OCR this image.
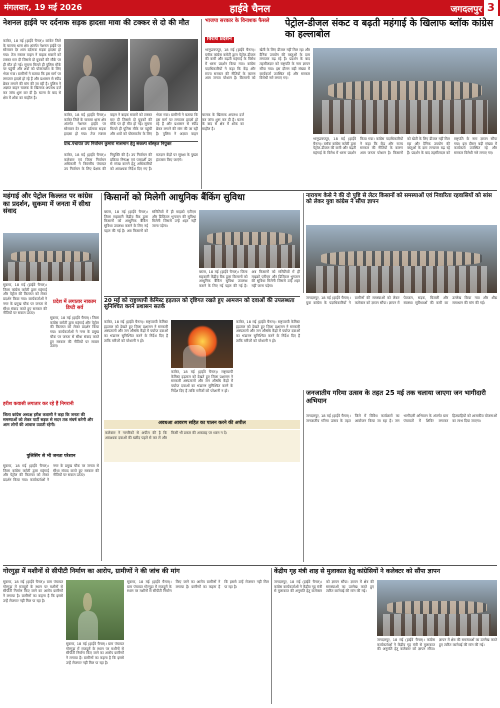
मंगलवार, 19 मई 2026	हाईवे चैनल	जगदलपुर 3
नेशनल हाईवे पर दर्दनाक सड़क हादसा मावा की टक्कर से दो की मौत
कांकेर, 18 मई (हाईवे चैनल)। कांकेर जिले के चारामा थाना क्षेत्र अंतर्गत नेशनल हाईवे पर सोमवार देर शाम दर्दनाक सड़क हादसा हो गया। तेज रफ्तार वाहन ने बाइक सवारों को टक्कर मार दी जिससे दो युवकों की मौके पर ही मौत हो गई। सूचना मिलते ही पुलिस मौके पर पहुंची और शवों को पोस्टमार्टम के लिए भेजा गया। ग्रामीणों ने बताया कि इस मार्ग पर लगातार हादसे हो रहे हैं और प्रशासन से स्पीड ब्रेकर लगाने की मांग की जा रही है। पुलिस ने अज्ञात वाहन चालक के खिलाफ अपराध दर्ज कर जांच शुरू कर दी है। घटना के बाद से क्षेत्र में शोक का माहौल है।
कांकेर, 18 मई (हाईवे चैनल)। कांकेर जिले के चारामा थाना क्षेत्र अंतर्गत नेशनल हाईवे पर सोमवार देर शाम दर्दनाक सड़क हादसा हो गया। तेज रफ्तार वाहन ने बाइक सवारों को टक्कर मार दी जिससे दो युवकों की मौके पर ही मौत हो गई। सूचना मिलते ही पुलिस मौके पर पहुंची और शवों को पोस्टमार्टम के लिए भेजा गया। ग्रामीणों ने बताया कि इस मार्ग पर लगातार हादसे हो रहे हैं और प्रशासन से स्पीड ब्रेकर लगाने की मांग की जा रही है। पुलिस ने अज्ञात वाहन चालक के खिलाफ अपराध दर्ज कर जांच शुरू कर दी है। घटना के बाद से क्षेत्र में शोक का माहौल है।
प्राथ.पंचायत उप निर्वाचन कुमारा माशमान हेतु संकल्प बाँस्कृत नियुक्त
कांकेर, 18 मई (हाईवे चैनल)। कलेक्टर एवं जिला निर्वाचन अधिकारी ने त्रिस्तरीय पंचायत उप निर्वाचन के लिए प्रेक्षक की नियुक्ति की है। उप निर्वाचन की प्रक्रिया निष्पक्ष एवं पारदर्शी ढंग से संपन्न कराने हेतु अधिकारियों को आवश्यक निर्देश दिए गए हैं। मतदान केंद्रों पर सुरक्षा के पुख्ता इंतजाम किए जाएंगे।
भाजपा सरकार के विनाशक फैसले
विरोध प्रदर्शन
पेट्रोल-डीजल संकट व बढ़ती महंगाई के खिलाफ ब्लॉक कांग्रेस का हल्लाबोल
भानुप्रतापपुर, 18 मई (हाईवे चैनल)। ब्लॉक कांग्रेस कमेटी द्वारा पेट्रोल-डीजल की कमी और बढ़ती महंगाई के विरोध में धरना प्रदर्शन किया गया। कांग्रेस पदाधिकारियों ने कहा कि केंद्र और राज्य सरकार की नीतियों के कारण आम जनता परेशान है। किसानों को खेती के लिए डीजल नहीं मिल रहा और दैनिक उपयोग की वस्तुओं के दाम लगातार बढ़ रहे हैं। प्रदर्शन के बाद तहसीलदार को राष्ट्रपति के नाम ज्ञापन सौंपा गया। इस दौरान बड़ी संख्या में कार्यकर्ता उपस्थित रहे और सरकार विरोधी नारे लगाए गए।
भानुप्रतापपुर, 18 मई (हाईवे चैनल)। ब्लॉक कांग्रेस कमेटी द्वारा पेट्रोल-डीजल की कमी और बढ़ती महंगाई के विरोध में धरना प्रदर्शन किया गया। कांग्रेस पदाधिकारियों ने कहा कि केंद्र और राज्य सरकार की नीतियों के कारण आम जनता परेशान है। किसानों को खेती के लिए डीजल नहीं मिल रहा और दैनिक उपयोग की वस्तुओं के दाम लगातार बढ़ रहे हैं। प्रदर्शन के बाद तहसीलदार को राष्ट्रपति के नाम ज्ञापन सौंपा गया। इस दौरान बड़ी संख्या में कार्यकर्ता उपस्थित रहे और सरकार विरोधी नारे लगाए गए।
महंगाई और पेट्रोल किल्लत पर कांग्रेस का प्रदर्शन, सुकमा में जनता में सीधा संवाद
सुकमा, 18 मई (हाईवे चैनल)। जिला कांग्रेस कमेटी द्वारा महंगाई और पेट्रोल की किल्लत को लेकर प्रदर्शन किया गया। कार्यकर्ताओं ने नगर के प्रमुख चौक पर जनता से सीधा संवाद करते हुए सरकार की नीतियों पर सवाल उठाए।
प्रदेश में लगातार नाकाम डिप्टी सर्व
सुकमा, 18 मई (हाईवे चैनल)। जिला कांग्रेस कमेटी द्वारा महंगाई और पेट्रोल की किल्लत को लेकर प्रदर्शन किया गया। कार्यकर्ताओं ने नगर के प्रमुख चौक पर जनता से सीधा संवाद करते हुए सरकार की नीतियों पर सवाल उठाए।
हरीश कवासी लगातार कर रहे हैं निगरानी
जिला कांग्रेस अध्यक्ष हरीश कवासी ने कहा कि जनता की समस्याओं को लेकर पार्टी सड़क से सदन तक संघर्ष करेगी और आम लोगों की आवाज उठाती रहेगी।
पुलिसिंग से भी जनता परेशान
सुकमा, 18 मई (हाईवे चैनल)। जिला कांग्रेस कमेटी द्वारा महंगाई और पेट्रोल की किल्लत को लेकर प्रदर्शन किया गया। कार्यकर्ताओं ने नगर के प्रमुख चौक पर जनता से सीधा संवाद करते हुए सरकार की नीतियों पर सवाल उठाए।
किसानों को मिलेगी आधुनिक बैंकिंग सुविधा
बस्तर, 18 मई (हाईवे चैनल)। जिला सहकारी केंद्रीय बैंक द्वारा किसानों को आधुनिक बैंकिंग सुविधा उपलब्ध कराने के लिए नई पहल की गई है। अब किसानों को समितियों में ही माइक्रो एटीएम और डिजिटल भुगतान की सुविधा मिलेगी जिससे उन्हें शहर नहीं जाना पड़ेगा।
बस्तर, 18 मई (हाईवे चैनल)। जिला सहकारी केंद्रीय बैंक द्वारा किसानों को आधुनिक बैंकिंग सुविधा उपलब्ध कराने के लिए नई पहल की गई है। अब किसानों को समितियों में ही माइक्रो एटीएम और डिजिटल भुगतान की सुविधा मिलेगी जिससे उन्हें शहर नहीं जाना पड़ेगा।
नारायण केसे ने की दो पुष्टि से लेटर किसानों को समस्याओं एवं निवारिता रहवासियों को सांस को लेकर युवा कांग्रेस ने सौंपा ज्ञापन
जगदलपुर, 18 मई (हाईवे चैनल)। युवा कांग्रेस के पदाधिकारियों ने ग्रामीणों की समस्याओं को लेकर कलेक्टर को ज्ञापन सौंपा। ज्ञापन में पेयजल, सड़क, बिजली और स्वास्थ्य सुविधाओं की कमी का उल्लेख किया गया और शीघ्र समाधान की मांग की गई।
20 मई को राष्ट्रव्यापी केमिस्ट हड़ताल को दृष्टिगत रखते हुए आमजन को दवाओं की उपलब्धता सुनिश्चित करने प्रशासन सतर्क
कांकेर, 18 मई (हाईवे चैनल)। राष्ट्रव्यापी केमिस्ट हड़ताल को देखते हुए जिला प्रशासन ने सरकारी अस्पतालों और जन औषधि केंद्रों में पर्याप्त दवाओं का भंडारण सुनिश्चित करने के निर्देश दिए हैं ताकि मरीजों को परेशानी न हो।
कांकेर, 18 मई (हाईवे चैनल)। राष्ट्रव्यापी केमिस्ट हड़ताल को देखते हुए जिला प्रशासन ने सरकारी अस्पतालों और जन औषधि केंद्रों में पर्याप्त दवाओं का भंडारण सुनिश्चित करने के निर्देश दिए हैं ताकि मरीजों को परेशानी न हो।
कांकेर, 18 मई (हाईवे चैनल)। राष्ट्रव्यापी केमिस्ट हड़ताल को देखते हुए जिला प्रशासन ने सरकारी अस्पतालों और जन औषधि केंद्रों में पर्याप्त दवाओं का भंडारण सुनिश्चित करने के निर्देश दिए हैं ताकि मरीजों को परेशानी न हो।
अवधआ आवरण सहित का पालन करने की अपील
कलेक्टर ने नागरिकों से अपील की है कि आवश्यक दवाओं की खरीद पहले से कर लें और किसी भी प्रकार की अफवाह पर ध्यान न दें।
जनजातीय गरिमा उत्सव के तहत 25 मई तक चलाया जाएगा जन भागीदारी अभियान
जगदलपुर, 18 मई (हाईवे चैनल)। जनजातीय गरिमा उत्सव के तहत जिले में विविध कार्यक्रमों का आयोजन किया जा रहा है। जन भागीदारी अभियान के अंतर्गत ग्राम पंचायतों में शिविर लगाकर हितग्राहियों को शासकीय योजनाओं का लाभ दिया जाएगा।
गोरगुड़ा में मशीनों से सीपीटी निर्माण का आरोप, ग्रामीणों ने की जांच की मांग
सुकमा, 18 मई (हाईवे चैनल)। ग्राम पंचायत गोरगुड़ा में मजदूरों के स्थान पर मशीनों से सीपीटी निर्माण किए जाने का आरोप ग्रामीणों ने लगाया है। ग्रामीणों का कहना है कि इससे उन्हें रोजगार नहीं मिल पा रहा है।
सुकमा, 18 मई (हाईवे चैनल)। ग्राम पंचायत गोरगुड़ा में मजदूरों के स्थान पर मशीनों से सीपीटी निर्माण किए जाने का आरोप ग्रामीणों ने लगाया है। ग्रामीणों का कहना है कि इससे उन्हें रोजगार नहीं मिल पा रहा है।
सुकमा, 18 मई (हाईवे चैनल)। ग्राम पंचायत गोरगुड़ा में मजदूरों के स्थान पर मशीनों से सीपीटी निर्माण किए जाने का आरोप ग्रामीणों ने लगाया है। ग्रामीणों का कहना है कि इससे उन्हें रोजगार नहीं मिल पा रहा है।
केंद्रीय गृह मंत्री शाह से मुलाकात हेतु कांग्रेसियों ने कलेक्टर को सौंपा ज्ञापन
जगदलपुर, 18 मई (हाईवे चैनल)। कांग्रेस कार्यकर्ताओं ने केंद्रीय गृह मंत्री से मुलाकात की अनुमति हेतु कलेक्टर को ज्ञापन सौंपा। ज्ञापन में क्षेत्र की समस्याओं का उल्लेख करते हुए त्वरित कार्रवाई की मांग की गई।
जगदलपुर, 18 मई (हाईवे चैनल)। कांग्रेस कार्यकर्ताओं ने केंद्रीय गृह मंत्री से मुलाकात की अनुमति हेतु कलेक्टर को ज्ञापन सौंपा। ज्ञापन में क्षेत्र की समस्याओं का उल्लेख करते हुए त्वरित कार्रवाई की मांग की गई।
